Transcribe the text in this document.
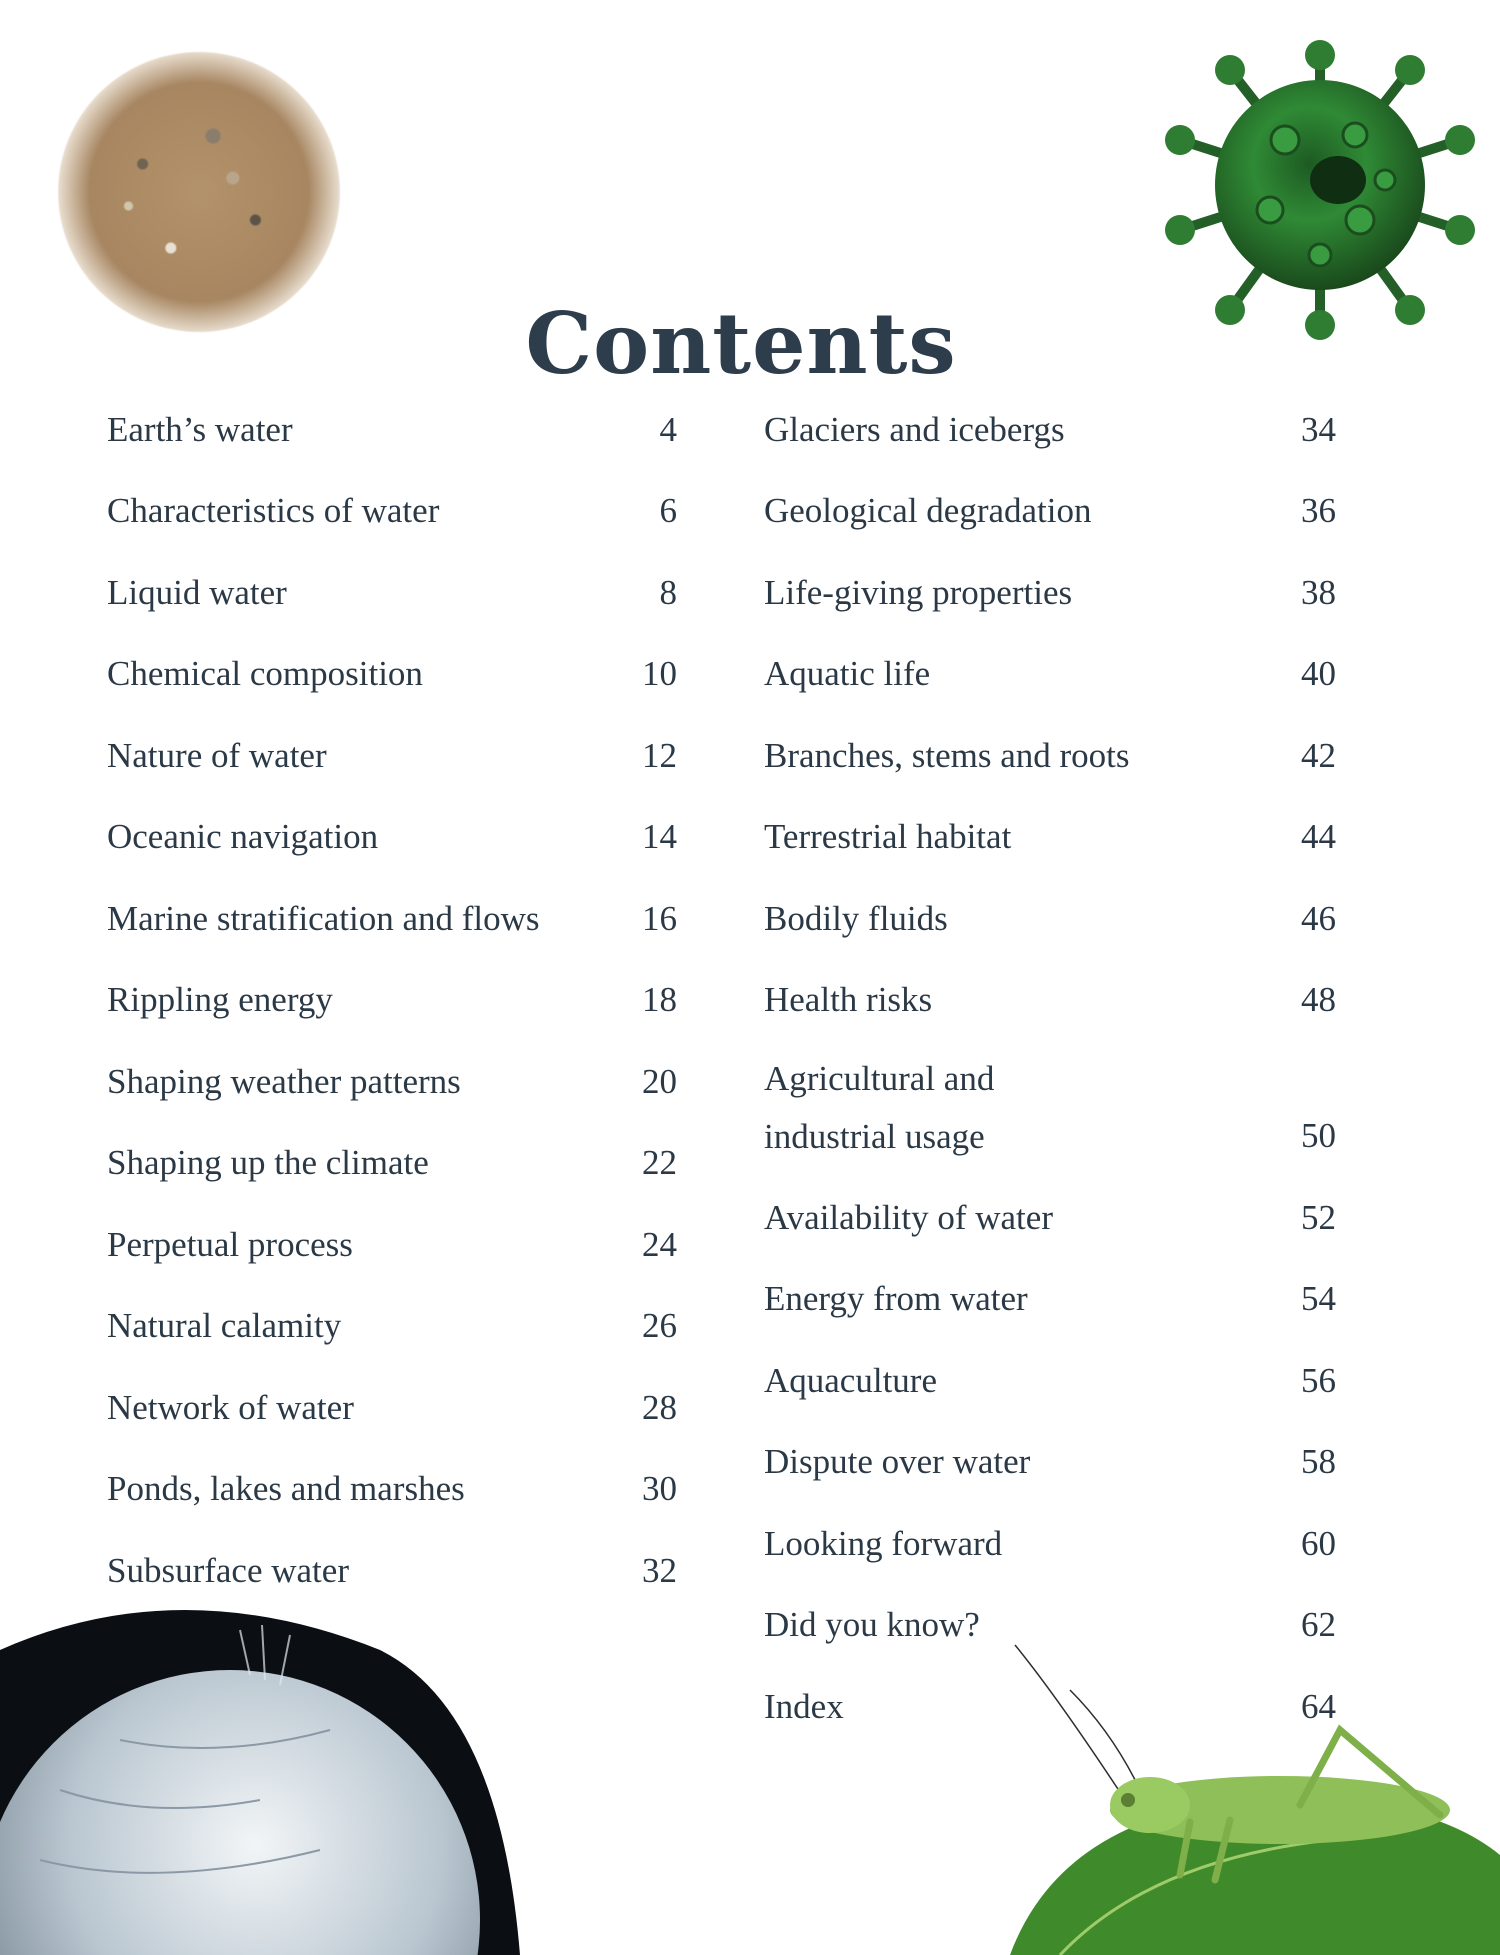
Contents
Earth’s water	4
Characteristics of water	6
Liquid water	8
Chemical composition	10
Nature of water	12
Oceanic navigation	14
Marine stratification and flows	16
Rippling energy	18
Shaping weather patterns	20
Shaping up the climate	22
Perpetual process	24
Natural calamity	26
Network of water	28
Ponds, lakes and marshes	30
Subsurface water	32
Glaciers and icebergs	34
Geological degradation	36
Life-giving properties	38
Aquatic life	40
Branches, stems and roots	42
Terrestrial habitat	44
Bodily fluids	46
Health risks	48
Agricultural and
industrial usage	50
Availability of water	52
Energy from water	54
Aquaculture	56
Dispute over water	58
Looking forward	60
Did you know?	62
Index	64
